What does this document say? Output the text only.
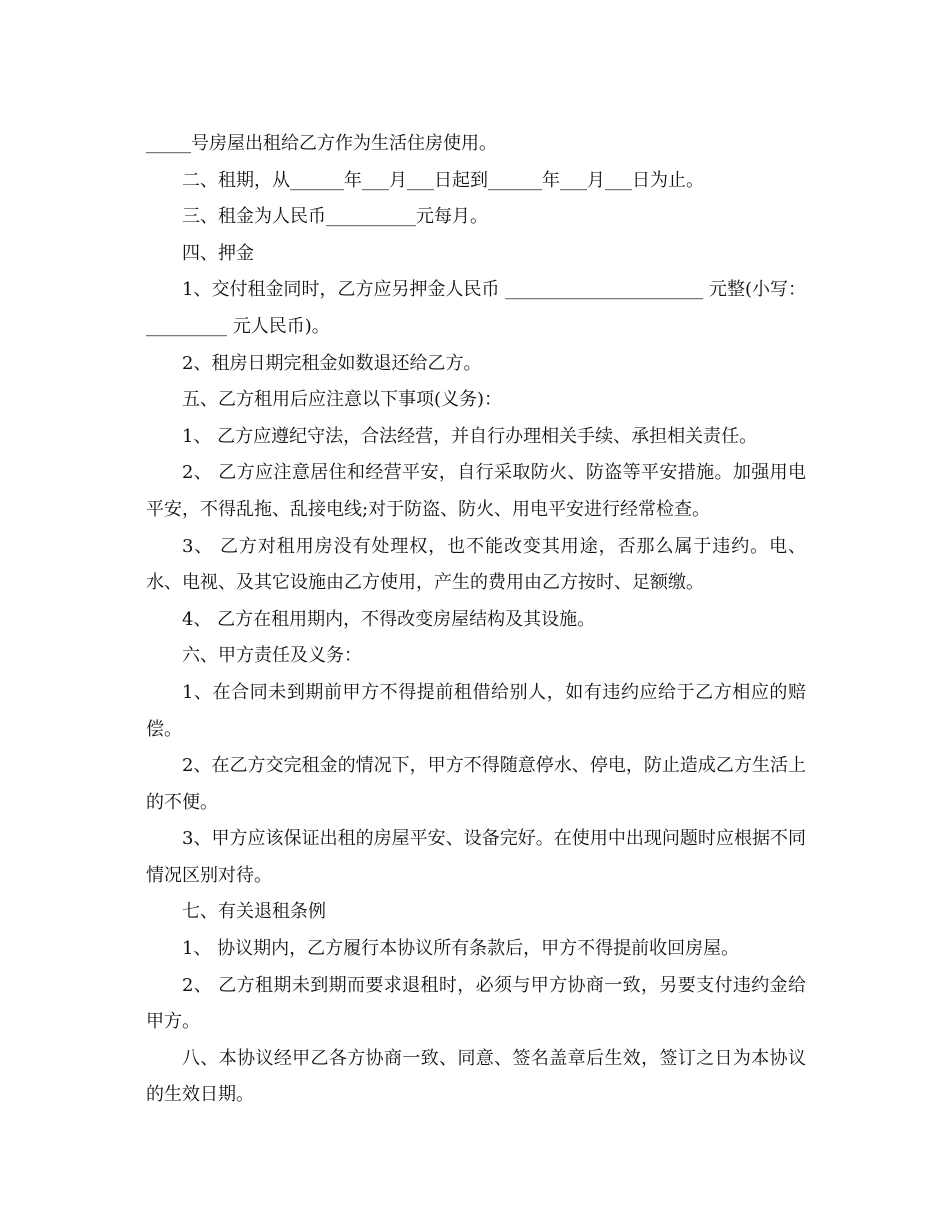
_____号房屋出租给乙方作为生活住房使用。

二、租期，从______年___月___日起到______年___月___日为止。

三、租金为人民币__________元每月。

四、押金

1、交付租金同时，乙方应另押金人民币 ______________________ 元整(小写：_________ 元人民币)。

2、租房日期完租金如数退还给乙方。

五、乙方租用后应注意以下事项(义务)：

1、 乙方应遵纪守法，合法经营，并自行办理相关手续、承担相关责任。

2、 乙方应注意居住和经营平安，自行采取防火、防盗等平安措施。加强用电平安，不得乱拖、乱接电线;对于防盗、防火、用电平安进行经常检查。

3、 乙方对租用房没有处理权，也不能改变其用途，否那么属于违约。电、水、电视、及其它设施由乙方使用，产生的费用由乙方按时、足额缴。

4、 乙方在租用期内，不得改变房屋结构及其设施。

六、甲方责任及义务：

1、在合同未到期前甲方不得提前租借给别人，如有违约应给于乙方相应的赔偿。

2、在乙方交完租金的情况下，甲方不得随意停水、停电，防止造成乙方生活上的不便。

3、甲方应该保证出租的房屋平安、设备完好。在使用中出现问题时应根据不同情况区别对待。

七、有关退租条例

1、 协议期内，乙方履行本协议所有条款后，甲方不得提前收回房屋。

2、 乙方租期未到期而要求退租时，必须与甲方协商一致，另要支付违约金给甲方。

八、本协议经甲乙各方协商一致、同意、签名盖章后生效，签订之日为本协议的生效日期。
